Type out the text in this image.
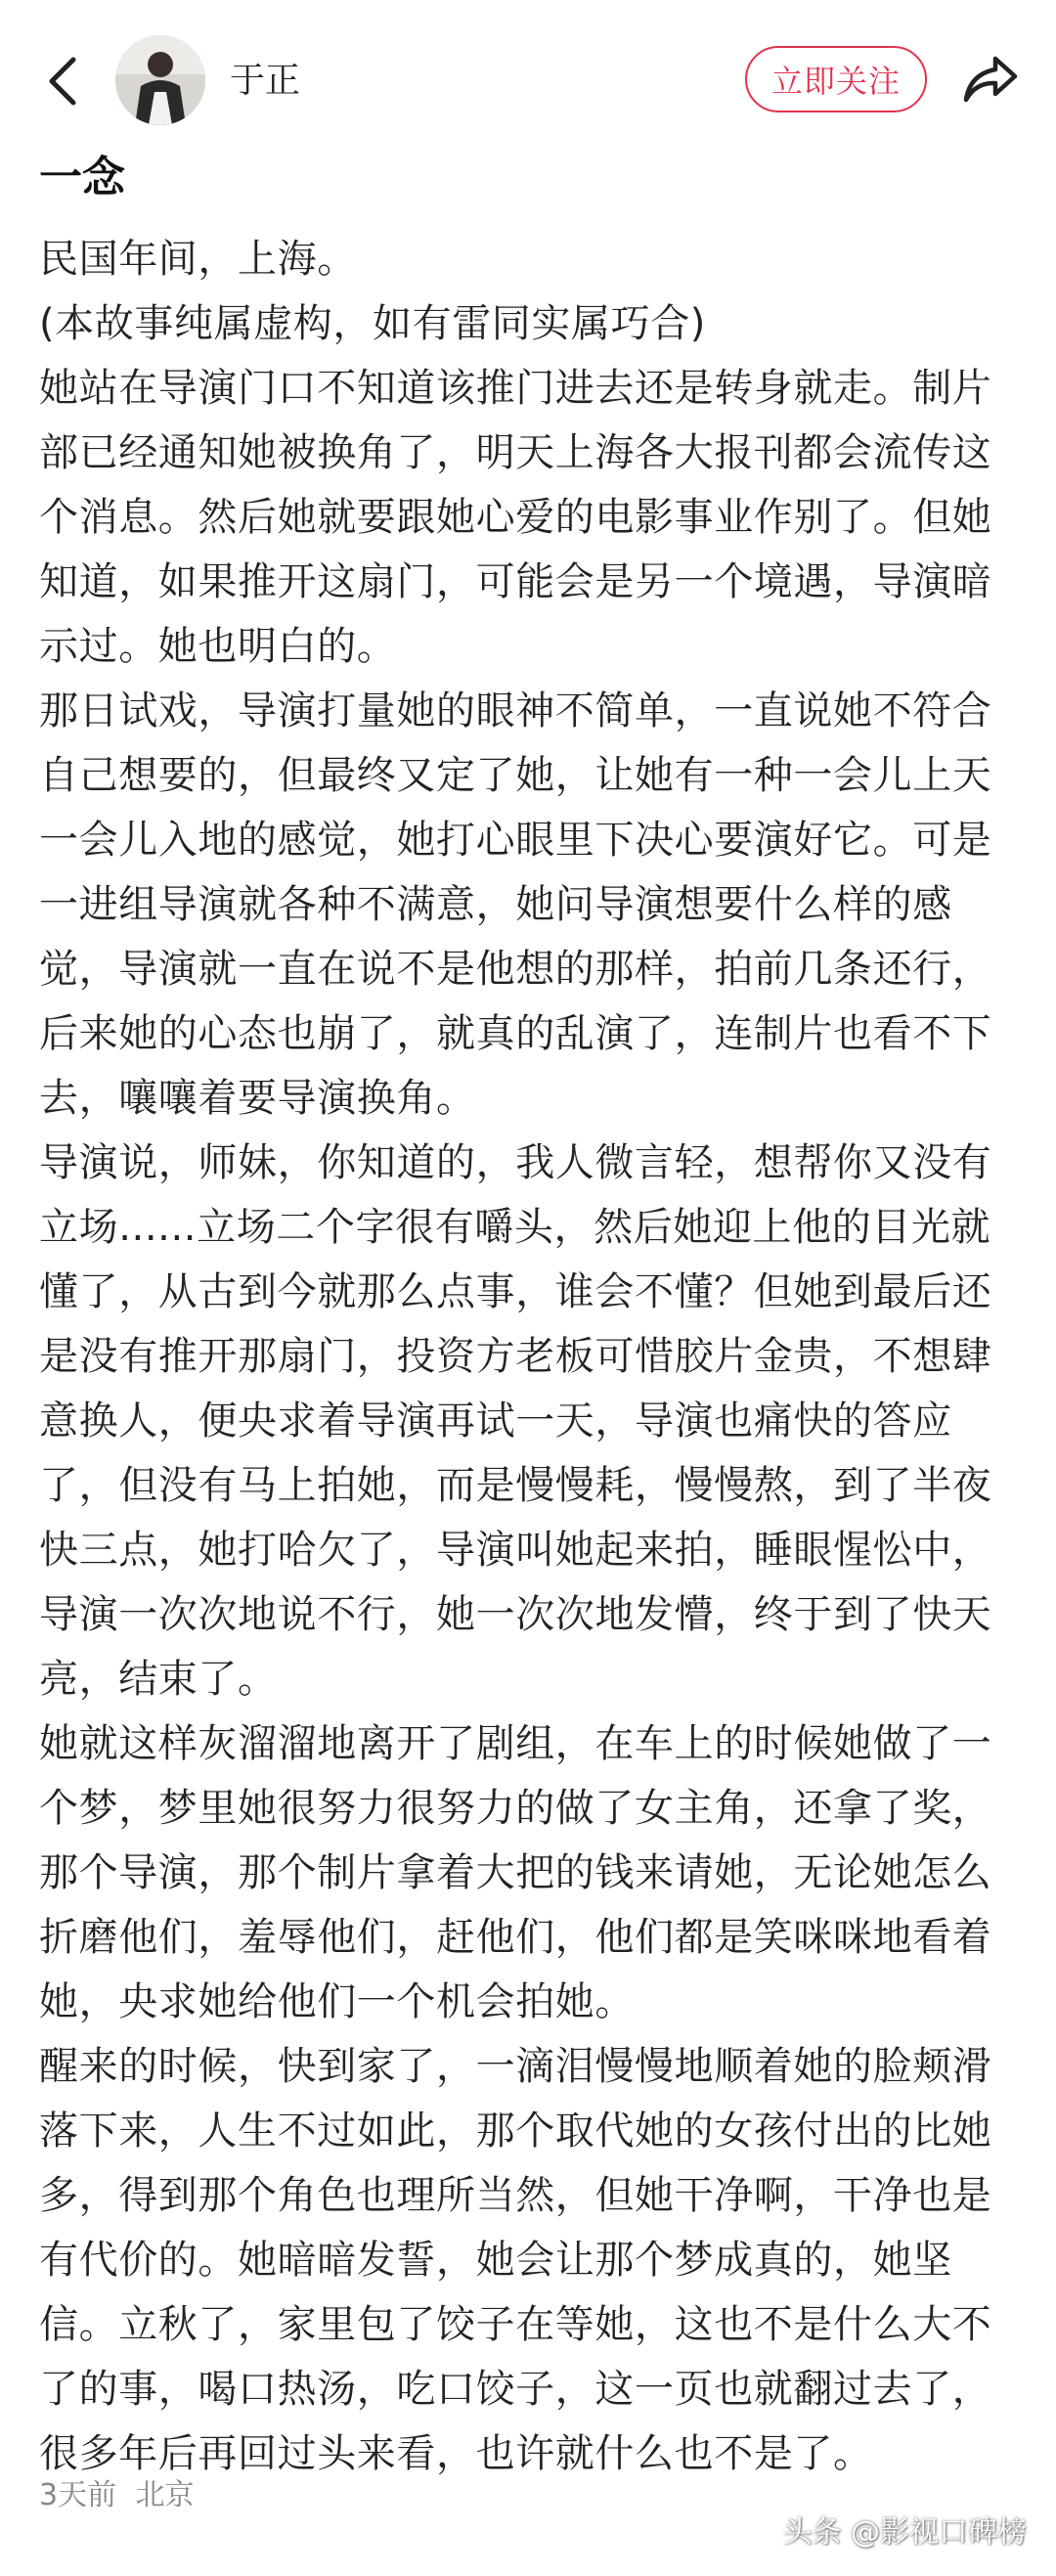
于正	立即关注
一念

民国年间，上海。

(本故事纯属虚构，如有雷同实属巧合)

她站在导演门口不知道该推门进去还是转身就走。制片部已经通知她被换角了，明天上海各大报刊都会流传这个消息。然后她就要跟她心爱的电影事业作别了。但她知道，如果推开这扇门，可能会是另一个境遇，导演暗示过。她也明白的。

那日试戏，导演打量她的眼神不简单，一直说她不符合自己想要的，但最终又定了她，让她有一种一会儿上天一会儿入地的感觉，她打心眼里下决心要演好它。可是一进组导演就各种不满意，她问导演想要什么样的感觉，导演就一直在说不是他想的那样，拍前几条还行，后来她的心态也崩了，就真的乱演了，连制片也看不下去，嚷嚷着要导演换角。

导演说，师妹，你知道的，我人微言轻，想帮你又没有立场......立场二个字很有嚼头，然后她迎上他的目光就懂了，从古到今就那么点事，谁会不懂？但她到最后还是没有推开那扇门，投资方老板可惜胶片金贵，不想肆意换人，便央求着导演再试一天，导演也痛快的答应了，但没有马上拍她，而是慢慢耗，慢慢熬，到了半夜快三点，她打哈欠了，导演叫她起来拍，睡眼惺忪中，导演一次次地说不行，她一次次地发懵，终于到了快天亮，结束了。

她就这样灰溜溜地离开了剧组，在车上的时候她做了一个梦，梦里她很努力很努力的做了女主角，还拿了奖，那个导演，那个制片拿着大把的钱来请她，无论她怎么折磨他们，羞辱他们，赶他们，他们都是笑咪咪地看着她，央求她给他们一个机会拍她。

醒来的时候，快到家了，一滴泪慢慢地顺着她的脸颊滑落下来，人生不过如此，那个取代她的女孩付出的比她多，得到那个角色也理所当然，但她干净啊，干净也是有代价的。她暗暗发誓，她会让那个梦成真的，她坚信。立秋了，家里包了饺子在等她，这也不是什么大不了的事，喝口热汤，吃口饺子，这一页也就翻过去了，很多年后再回过头来看，也许就什么也不是了。

3天前 北京
头条 @影视口碑榜
